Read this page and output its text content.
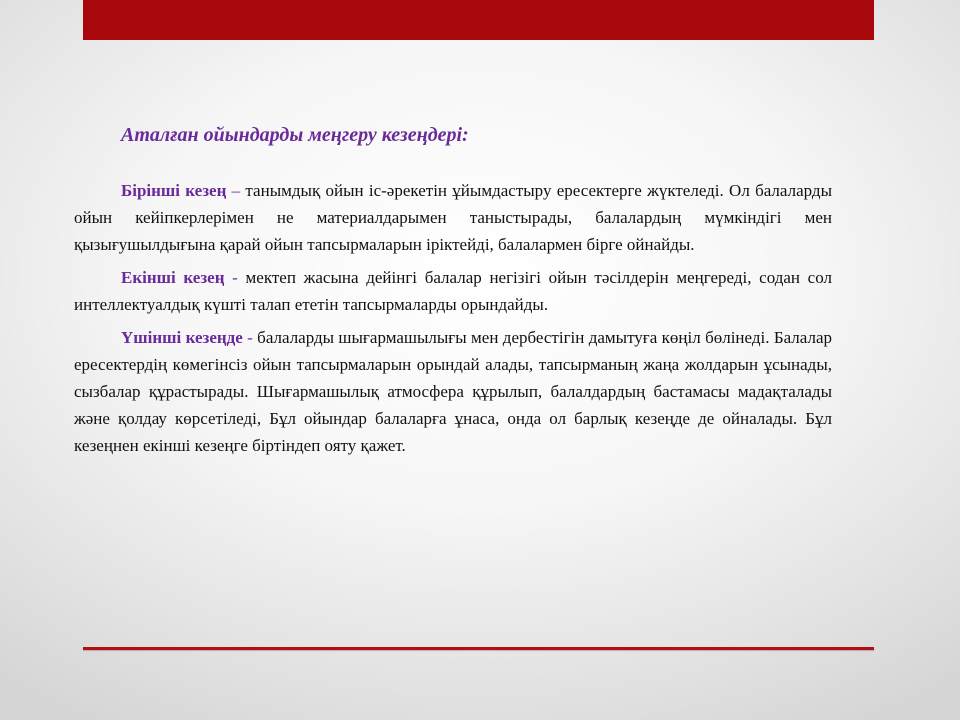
Аталған ойындарды меңгеру кезеңдері:

Бірінші кезең – танымдық ойын іс-әрекетін ұйымдастыру ересектерге жүктеледі. Ол балаларды ойын кейіпкерлерімен не материалдарымен таныстырады, балалардың мүмкіндігі мен қызығушылдығына қарай ойын тапсырмаларын іріктейді, балалармен бірге ойнайды.

Екінші кезең - мектеп жасына дейінгі балалар негізігі ойын тәсілдерін меңгереді, содан сол интеллектуалдық күшті талап ететін тапсырмаларды орындайды.

Үшінші кезеңде - балаларды шығармашылығы мен дербестігін дамытуға көңіл бөлінеді. Балалар ересектердің көмегінсіз ойын тапсырмаларын орындай алады, тапсырманың жаңа жолдарын ұсынады, сызбалар құрастырады. Шығармашылық атмосфера құрылып, балалдардың бастамасы мадақталады және қолдау көрсетіледі, Бұл ойындар балаларға ұнаса, онда ол барлық кезеңде де ойналады. Бұл кезеңнен екінші кезеңге біртіндеп ояту қажет.
